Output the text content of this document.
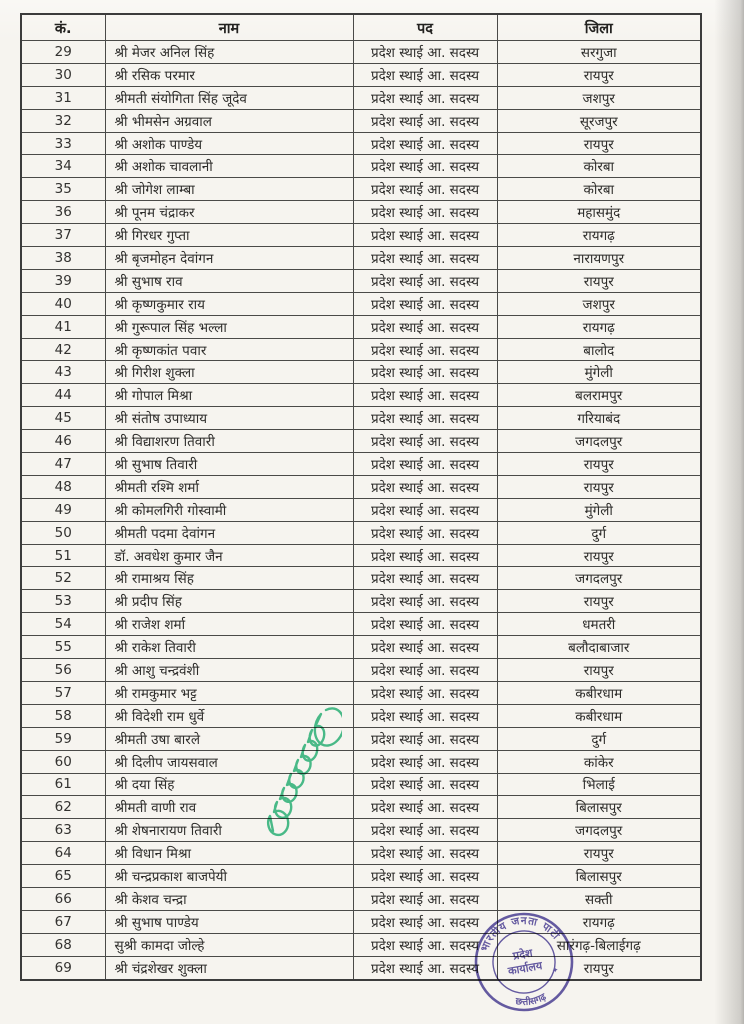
कं.	नाम	पद	जिला
29	श्री मेजर अनिल सिंह	प्रदेश स्थाई आ. सदस्य	सरगुजा
30	श्री रसिक परमार	प्रदेश स्थाई आ. सदस्य	रायपुर
31	श्रीमती संयोगिता सिंह जूदेव	प्रदेश स्थाई आ. सदस्य	जशपुर
32	श्री भीमसेन अग्रवाल	प्रदेश स्थाई आ. सदस्य	सूरजपुर
33	श्री अशोक पाण्डेय	प्रदेश स्थाई आ. सदस्य	रायपुर
34	श्री अशोक चावलानी	प्रदेश स्थाई आ. सदस्य	कोरबा
35	श्री जोगेश लाम्बा	प्रदेश स्थाई आ. सदस्य	कोरबा
36	श्री पूनम चंद्राकर	प्रदेश स्थाई आ. सदस्य	महासमुंद
37	श्री गिरधर गुप्ता	प्रदेश स्थाई आ. सदस्य	रायगढ़
38	श्री बृजमोहन देवांगन	प्रदेश स्थाई आ. सदस्य	नारायणपुर
39	श्री सुभाष राव	प्रदेश स्थाई आ. सदस्य	रायपुर
40	श्री कृष्णकुमार राय	प्रदेश स्थाई आ. सदस्य	जशपुर
41	श्री गुरूपाल सिंह भल्ला	प्रदेश स्थाई आ. सदस्य	रायगढ़
42	श्री कृष्णकांत पवार	प्रदेश स्थाई आ. सदस्य	बालोद
43	श्री गिरीश शुक्ला	प्रदेश स्थाई आ. सदस्य	मुंगेली
44	श्री गोपाल मिश्रा	प्रदेश स्थाई आ. सदस्य	बलरामपुर
45	श्री संतोष उपाध्याय	प्रदेश स्थाई आ. सदस्य	गरियाबंद
46	श्री विद्याशरण तिवारी	प्रदेश स्थाई आ. सदस्य	जगदलपुर
47	श्री सुभाष तिवारी	प्रदेश स्थाई आ. सदस्य	रायपुर
48	श्रीमती रश्मि शर्मा	प्रदेश स्थाई आ. सदस्य	रायपुर
49	श्री कोमलगिरी गोस्वामी	प्रदेश स्थाई आ. सदस्य	मुंगेली
50	श्रीमती पदमा देवांगन	प्रदेश स्थाई आ. सदस्य	दुर्ग
51	डॉ. अवधेश कुमार जैन	प्रदेश स्थाई आ. सदस्य	रायपुर
52	श्री रामाश्रय सिंह	प्रदेश स्थाई आ. सदस्य	जगदलपुर
53	श्री प्रदीप सिंह	प्रदेश स्थाई आ. सदस्य	रायपुर
54	श्री राजेश शर्मा	प्रदेश स्थाई आ. सदस्य	धमतरी
55	श्री राकेश तिवारी	प्रदेश स्थाई आ. सदस्य	बलौदाबाजार
56	श्री आशु चन्द्रवंशी	प्रदेश स्थाई आ. सदस्य	रायपुर
57	श्री रामकुमार भट्ट	प्रदेश स्थाई आ. सदस्य	कबीरधाम
58	श्री विदेशी राम धुर्वे	प्रदेश स्थाई आ. सदस्य	कबीरधाम
59	श्रीमती उषा बारले	प्रदेश स्थाई आ. सदस्य	दुर्ग
60	श्री दिलीप जायसवाल	प्रदेश स्थाई आ. सदस्य	कांकेर
61	श्री दया सिंह	प्रदेश स्थाई आ. सदस्य	भिलाई
62	श्रीमती वाणी राव	प्रदेश स्थाई आ. सदस्य	बिलासपुर
63	श्री शेषनारायण तिवारी	प्रदेश स्थाई आ. सदस्य	जगदलपुर
64	श्री विधान मिश्रा	प्रदेश स्थाई आ. सदस्य	रायपुर
65	श्री चन्द्रप्रकाश बाजपेयी	प्रदेश स्थाई आ. सदस्य	बिलासपुर
66	श्री केशव चन्द्रा	प्रदेश स्थाई आ. सदस्य	सक्ती
67	श्री सुभाष पाण्डेय	प्रदेश स्थाई आ. सदस्य	रायगढ़
68	सुश्री कामदा जोल्हे	प्रदेश स्थाई आ. सदस्य	सारंगढ़-बिलाईगढ़
69	श्री चंद्रशेखर शुक्ला	प्रदेश स्थाई आ. सदस्य	रायपुर
भारतीय जनता पार्टी
प्रदेश
कार्यालय ✦
छत्तीसगढ़
